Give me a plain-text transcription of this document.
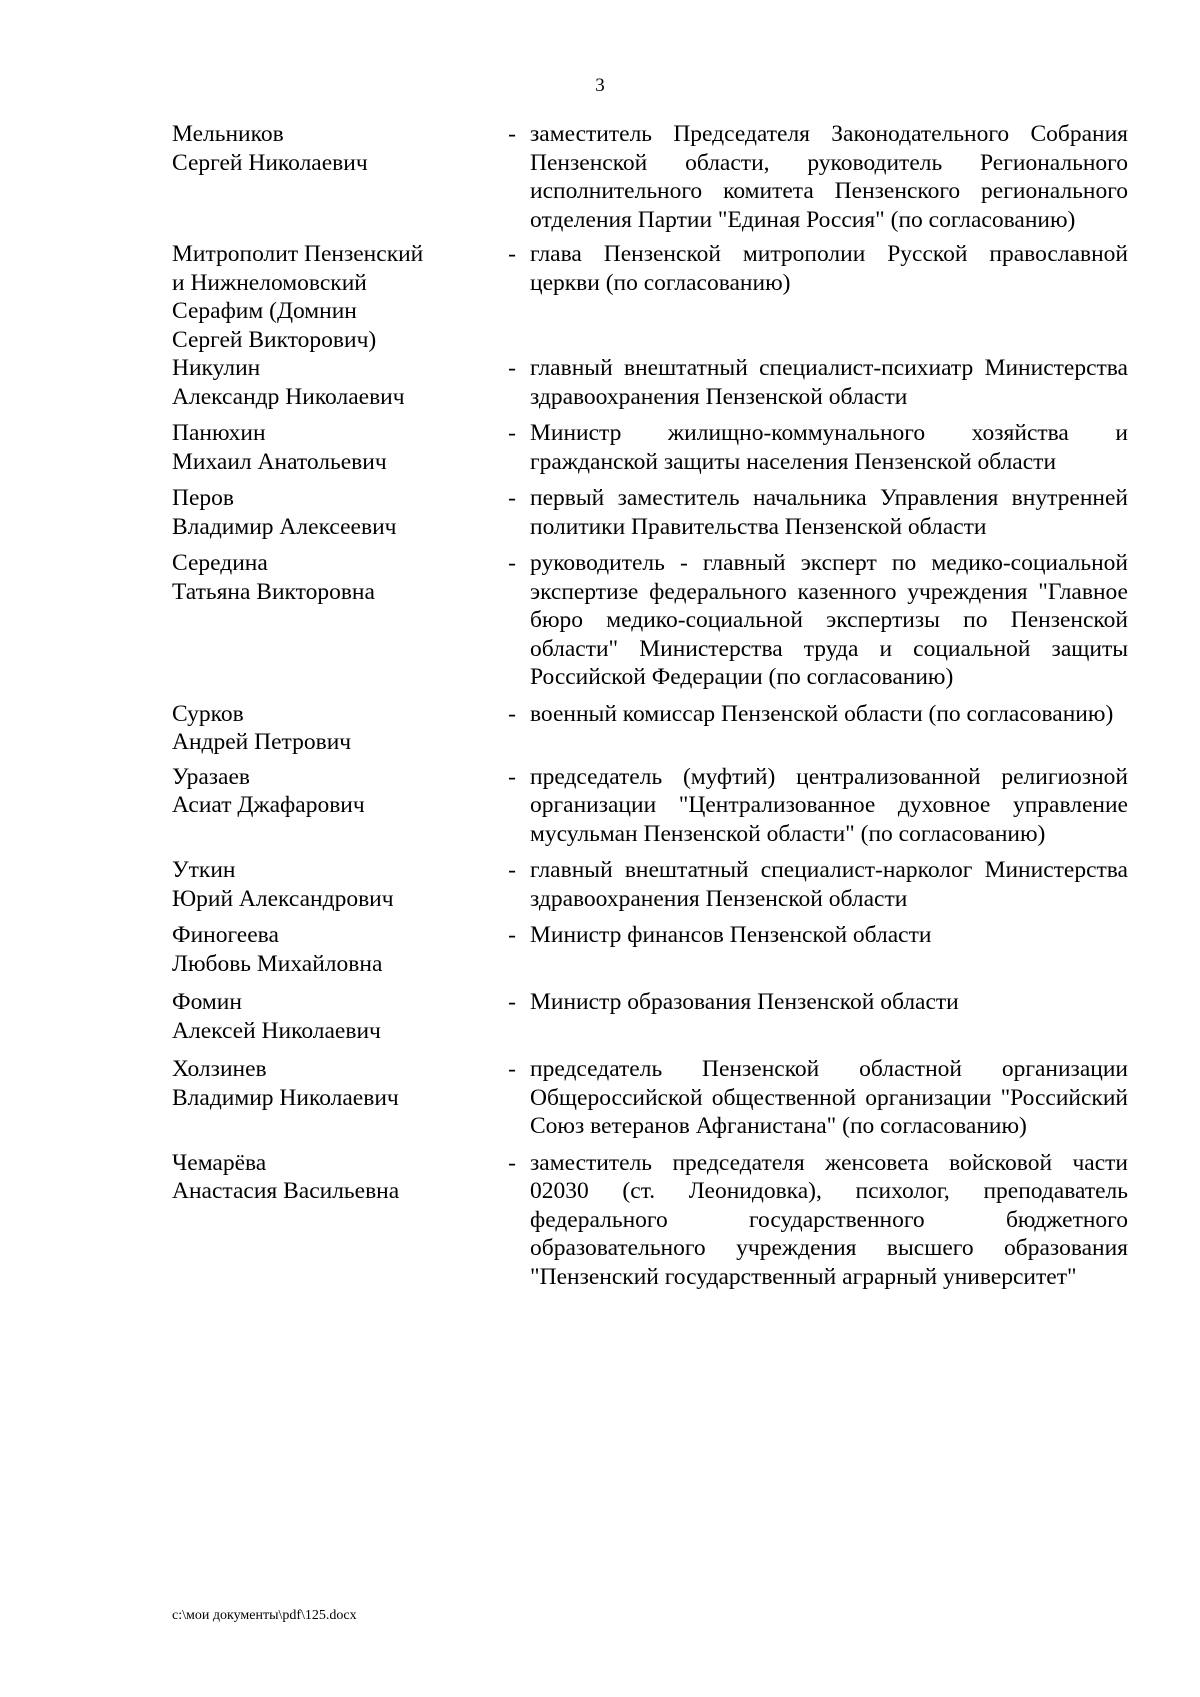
3
Мельников
Сергей Николаевич
- заместитель Председателя Законодательного Собрания Пензенской области, руководитель Регионального исполнительного комитета Пензенского регионального отделения Партии "Единая Россия" (по согласованию)
Митрополит Пензенский
и Нижнеломовский
Серафим (Домнин
Сергей Викторович)
- глава Пензенской митрополии Русской православной церкви (по согласованию)
Никулин
Александр Николаевич
- главный внештатный специалист-психиатр Министерства здравоохранения Пензенской области
Панюхин
Михаил Анатольевич
- Министр жилищно-коммунального хозяйства и гражданской защиты населения Пензенской области
Перов
Владимир Алексеевич
- первый заместитель начальника Управления внутренней политики Правительства Пензенской области
Середина
Татьяна Викторовна
- руководитель - главный эксперт по медико-социальной экспертизе федерального казенного учреждения "Главное бюро медико-социальной экспертизы по Пензенской области" Министерства труда и социальной защиты Российской Федерации (по согласованию)
Сурков
Андрей Петрович
- военный комиссар Пензенской области (по согласованию)
Уразаев
Асиат Джафарович
- председатель (муфтий) централизованной религиозной организации "Централизованное духовное управление мусульман Пензенской области" (по согласованию)
Уткин
Юрий Александрович
- главный внештатный специалист-нарколог Министерства здравоохранения Пензенской области
Финогеева
Любовь Михайловна
- Министр финансов Пензенской области
Фомин
Алексей Николаевич
- Министр образования Пензенской области
Холзинев
Владимир Николаевич
- председатель Пензенской областной организации Общероссийской общественной организации "Российский Союз ветеранов Афганистана" (по согласованию)
Чемарёва
Анастасия Васильевна
- заместитель председателя женсовета войсковой части 02030 (ст. Леонидовка), психолог, преподаватель федерального государственного бюджетного образовательного учреждения высшего образования "Пензенский государственный аграрный университет"
c:\мои документы\pdf\125.docx
